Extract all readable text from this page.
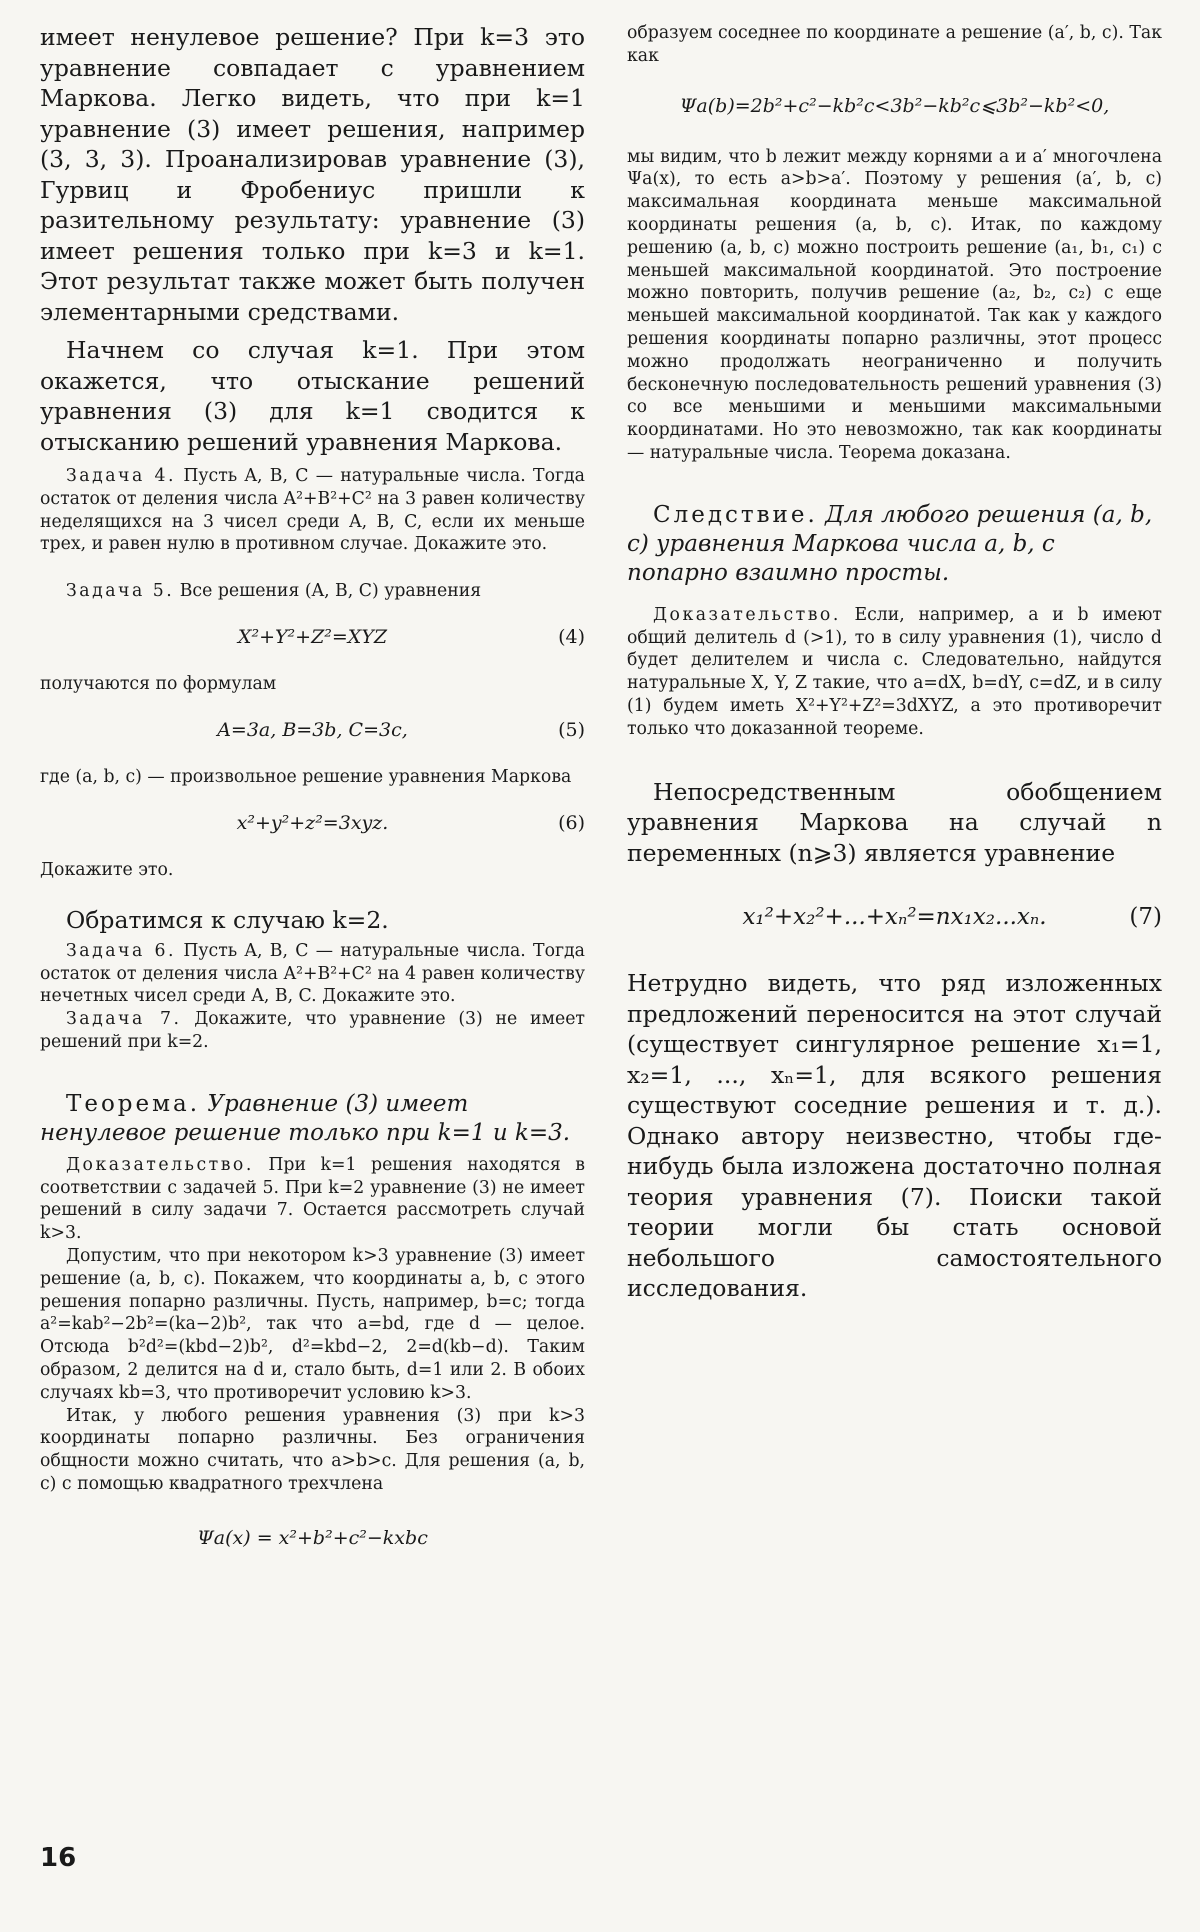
имеет ненулевое решение? При k=3 это уравнение совпадает с уравнением Маркова. Легко видеть, что при k=1 уравнение (3) имеет решения, например (3, 3, 3). Проанализировав уравнение (3), Гурвиц и Фробениус пришли к разительному результату: уравнение (3) имеет решения только при k=3 и k=1. Этот результат также может быть получен элементарными средствами.

Начнем со случая k=1. При этом окажется, что отыскание решений уравнения (3) для k=1 сводится к отысканию решений уравнения Маркова.

Задача 4. Пусть A, B, C — натуральные числа. Тогда остаток от деления числа A²+B²+C² на 3 равен количеству неделящихся на 3 чисел среди A, B, C, если их меньше трех, и равен нулю в противном случае. Докажите это.

Задача 5. Все решения (A, B, C) уравнения

X²+Y²+Z²=XYZ	(4)

получаются по формулам

A=3a, B=3b, C=3c,	(5)

где (a, b, c) — произвольное решение уравнения Маркова

x²+y²+z²=3xyz.	(6)

Докажите это.

Обратимся к случаю k=2.

Задача 6. Пусть A, B, C — натуральные числа. Тогда остаток от деления числа A²+B²+C² на 4 равен количеству нечетных чисел среди A, B, C. Докажите это.

Задача 7. Докажите, что уравнение (3) не имеет решений при k=2.

Теорема. Уравнение (3) имеет ненулевое решение только при k=1 и k=3.

Доказательство. При k=1 решения находятся в соответствии с задачей 5. При k=2 уравнение (3) не имеет решений в силу задачи 7. Остается рассмотреть случай k>3.

Допустим, что при некотором k>3 уравнение (3) имеет решение (a, b, c). Покажем, что координаты a, b, c этого решения попарно различны. Пусть, например, b=c; тогда a²=kab²−2b²=(ka−2)b², так что a=bd, где d — целое. Отсюда b²d²=(kbd−2)b², d²=kbd−2, 2=d(kb−d). Таким образом, 2 делится на d и, стало быть, d=1 или 2. В обоих случаях kb=3, что противоречит условию k>3.

Итак, у любого решения уравнения (3) при k>3 координаты попарно различны. Без ограничения общности можно считать, что a>b>c. Для решения (a, b, c) с помощью квадратного трехчлена

Ψa(x) = x²+b²+c²−kxbc

образуем соседнее по координате a решение (a′, b, c). Так как

Ψa(b)=2b²+c²−kb²c<3b²−kb²c⩽3b²−kb²<0,

мы видим, что b лежит между корнями a и a′ многочлена Ψa(x), то есть a>b>a′. Поэтому у решения (a′, b, c) максимальная координата меньше максимальной координаты решения (a, b, c). Итак, по каждому решению (a, b, c) можно построить решение (a₁, b₁, c₁) с меньшей максимальной координатой. Это построение можно повторить, получив решение (a₂, b₂, c₂) с еще меньшей максимальной координатой. Так как у каждого решения координаты попарно различны, этот процесс можно продолжать неограниченно и получить бесконечную последовательность решений уравнения (3) со все меньшими и меньшими максимальными координатами. Но это невозможно, так как координаты — натуральные числа. Теорема доказана.

Следствие. Для любого решения (a, b, c) уравнения Маркова числа a, b, c попарно взаимно просты.

Доказательство. Если, например, a и b имеют общий делитель d (>1), то в силу уравнения (1), число d будет делителем и числа c. Следовательно, найдутся натуральные X, Y, Z такие, что a=dX, b=dY, c=dZ, и в силу (1) будем иметь X²+Y²+Z²=3dXYZ, а это противоречит только что доказанной теореме.

Непосредственным обобщением уравнения Маркова на случай n переменных (n⩾3) является уравнение

x₁²+x₂²+...+xₙ²=nx₁x₂...xₙ.	(7)

Нетрудно видеть, что ряд изложенных предложений переносится на этот случай (существует сингулярное решение x₁=1, x₂=1, ..., xₙ=1, для всякого решения существуют соседние решения и т. д.). Однако автору неизвестно, чтобы где-нибудь была изложена достаточно полная теория уравнения (7). Поиски такой теории могли бы стать основой небольшого самостоятельного исследования.

16
